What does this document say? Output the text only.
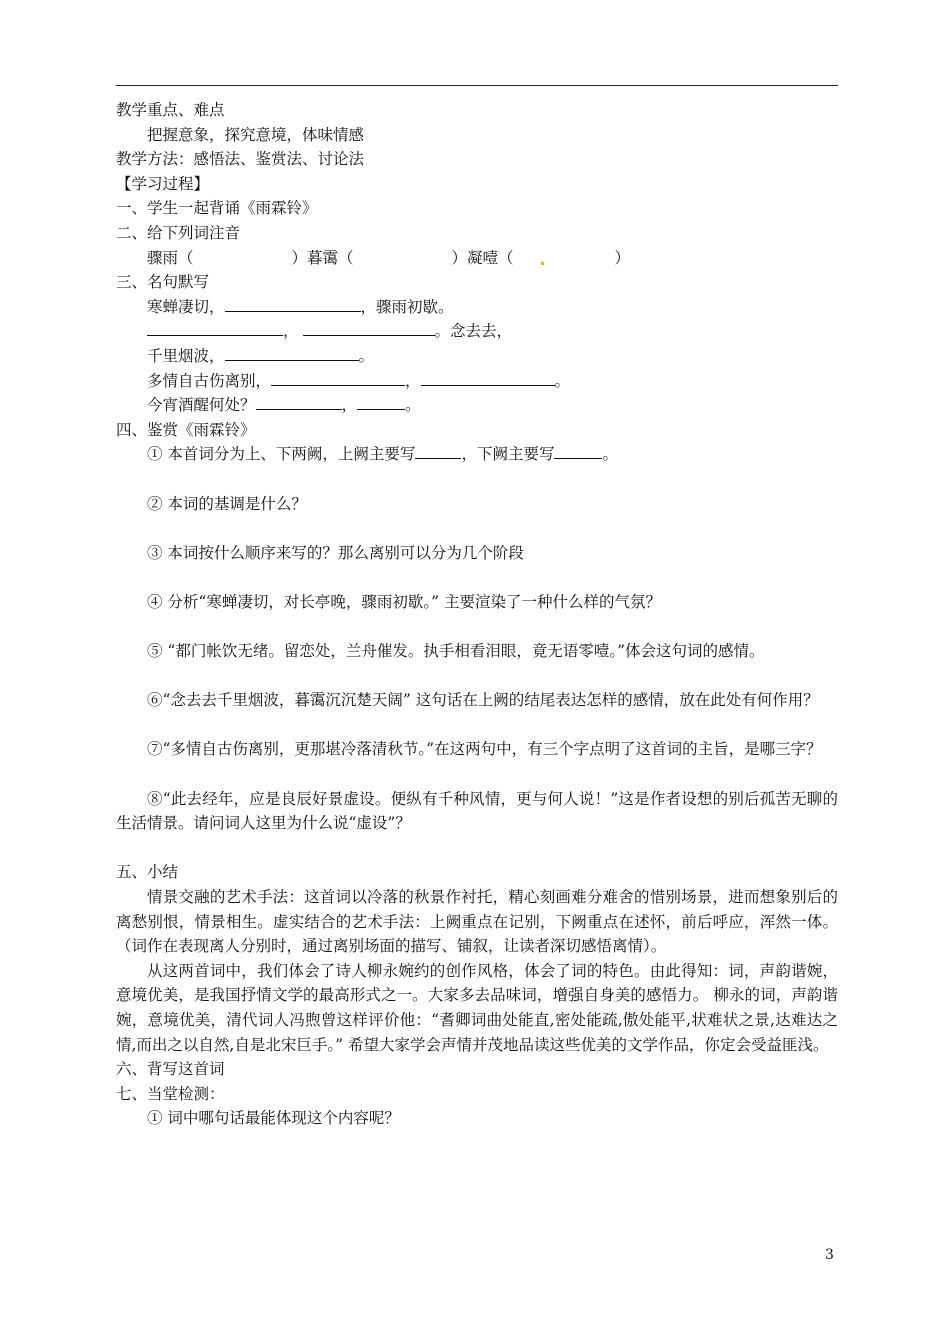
教学重点、难点
把握意象，探究意境，体味情感
教学方法：感悟法、鉴赏法、讨论法
【学习过程】
一、学生一起背诵《雨霖铃》
二、给下列词注音
骤雨（	）暮霭（	）凝噎（	）
三、名句默写
寒蝉凄切，	，骤雨初歇。
，	。念去去，
千里烟波，	。
多情自古伤离别，	，	。
今宵酒醒何处？	，	。
四、鉴赏《雨霖铃》
① 本首词分为上、下两阙，上阙主要写	，下阙主要写	。
② 本词的基调是什么？
③ 本词按什么顺序来写的？那么离别可以分为几个阶段
④ 分析“寒蝉凄切，对长亭晚，骤雨初歇。” 主要渲染了一种什么样的气氛？
⑤ “都门帐饮无绪。留恋处，兰舟催发。执手相看泪眼，竟无语零噎。”体会这句词的感情。
⑥“念去去千里烟波，暮霭沉沉楚天阔” 这句话在上阙的结尾表达怎样的感情，放在此处有何作用？
⑦“多情自古伤离别，更那堪冷落清秋节。”在这两句中，有三个字点明了这首词的主旨，是哪三字？
⑧“此去经年，应是良辰好景虚设。便纵有千种风情，更与何人说！”这是作者设想的别后孤苦无聊的生活情景。请问词人这里为什么说“虚设”？
五、小结
情景交融的艺术手法：这首词以冷落的秋景作衬托，精心刻画难分难舍的惜别场景，进而想象别后的离愁别恨，情景相生。虚实结合的艺术手法：上阙重点在记别，下阙重点在述怀，前后呼应，浑然一体。（词作在表现离人分别时，通过离别场面的描写、铺叙，让读者深切感悟离情）。
从这两首词中，我们体会了诗人柳永婉约的创作风格，体会了词的特色。由此得知：词，声韵谐婉，意境优美，是我国抒情文学的最高形式之一。大家多去品味词，增强自身美的感悟力。 柳永的词，声韵谐婉，意境优美，清代词人冯煦曾这样评价他：“耆卿词曲处能直,密处能疏,傲处能平,状难状之景,达难达之情,而出之以自然,自是北宋巨手。” 希望大家学会声情并茂地品读这些优美的文学作品，你定会受益匪浅。
六、背写这首词
七、当堂检测：
① 词中哪句话最能体现这个内容呢？
3
